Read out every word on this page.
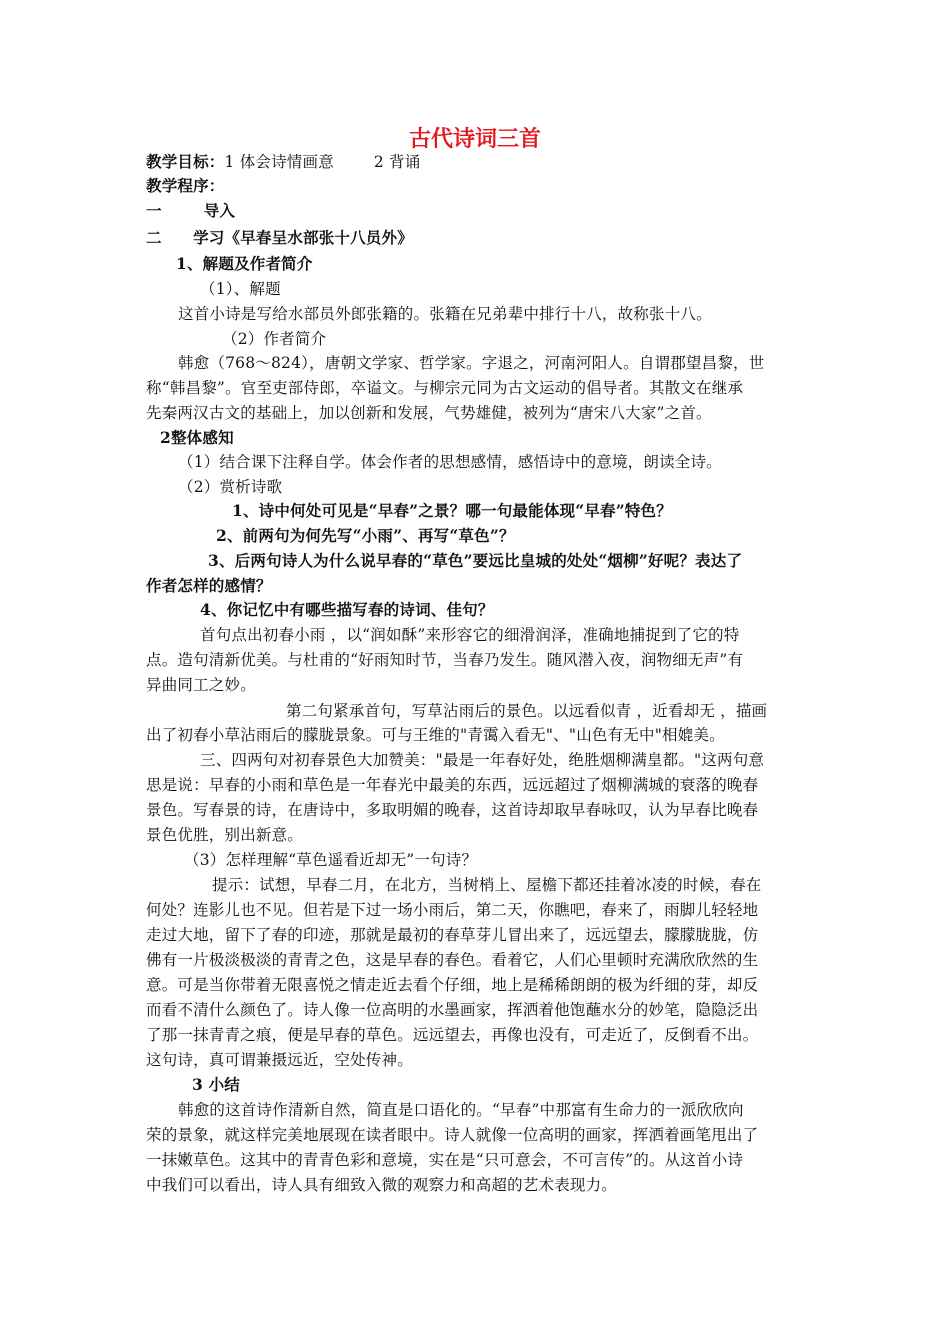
古代诗词三首
教学目标：1 体会诗情画意	2 背诵
教学程序：
一	导入
二　　学习《早春呈水部张十八员外》
1、解题及作者简介
（1）、解题
这首小诗是写给水部员外郎张籍的。张籍在兄弟辈中排行十八，故称张十八。
（2）作者简介
韩愈（768～824），唐朝文学家、哲学家。字退之，河南河阳人。自谓郡望昌黎，世
称“韩昌黎”。官至吏部侍郎，卒谥文。与柳宗元同为古文运动的倡导者。其散文在继承
先秦两汉古文的基础上，加以创新和发展，气势雄健，被列为“唐宋八大家”之首。
2整体感知
（1）结合课下注释自学。体会作者的思想感情，感悟诗中的意境，朗读全诗。
（2）赏析诗歌
1、诗中何处可见是“早春”之景？哪一句最能体现“早春”特色？
2、前两句为何先写“小雨”、再写“草色”？
3、后两句诗人为什么说早春的“草色”要远比皇城的处处“烟柳”好呢？表达了
作者怎样的感情？
4、你记忆中有哪些描写春的诗词、佳句？
首句点出初春小雨 ，以“润如酥”来形容它的细滑润泽，准确地捕捉到了它的特
点。造句清新优美。与杜甫的“好雨知时节，当春乃发生。随风潜入夜，润物细无声”有
异曲同工之妙。
第二句紧承首句，写草沾雨后的景色。以远看似青 ，近看却无 ，描画
出了初春小草沾雨后的朦胧景象。可与王维的"青霭入看无"、"山色有无中"相媲美。
三、四两句对初春景色大加赞美："最是一年春好处，绝胜烟柳满皇都。"这两句意
思是说：早春的小雨和草色是一年春光中最美的东西，远远超过了烟柳满城的衰落的晚春
景色。写春景的诗，在唐诗中，多取明媚的晚春，这首诗却取早春咏叹，认为早春比晚春
景色优胜，别出新意。
（3）怎样理解“草色遥看近却无”一句诗？
提示：试想，早春二月，在北方，当树梢上、屋檐下都还挂着冰凌的时候，春在
何处？连影儿也不见。但若是下过一场小雨后，第二天，你瞧吧，春来了，雨脚儿轻轻地
走过大地，留下了春的印迹，那就是最初的春草芽儿冒出来了，远远望去，朦朦胧胧，仿
佛有一片极淡极淡的青青之色，这是早春的春色。看着它，人们心里顿时充满欣欣然的生
意。可是当你带着无限喜悦之情走近去看个仔细，地上是稀稀朗朗的极为纤细的芽，却反
而看不清什么颜色了。诗人像一位高明的水墨画家，挥洒着他饱蘸水分的妙笔，隐隐泛出
了那一抹青青之痕，便是早春的草色。远远望去，再像也没有，可走近了，反倒看不出。
这句诗，真可谓兼摄远近，空处传神。
3 小结
韩愈的这首诗作清新自然，简直是口语化的。“早春”中那富有生命力的一派欣欣向
荣的景象，就这样完美地展现在读者眼中。诗人就像一位高明的画家，挥洒着画笔甩出了
一抹嫩草色。这其中的青青色彩和意境，实在是“只可意会，不可言传”的。从这首小诗
中我们可以看出，诗人具有细致入微的观察力和高超的艺术表现力。
